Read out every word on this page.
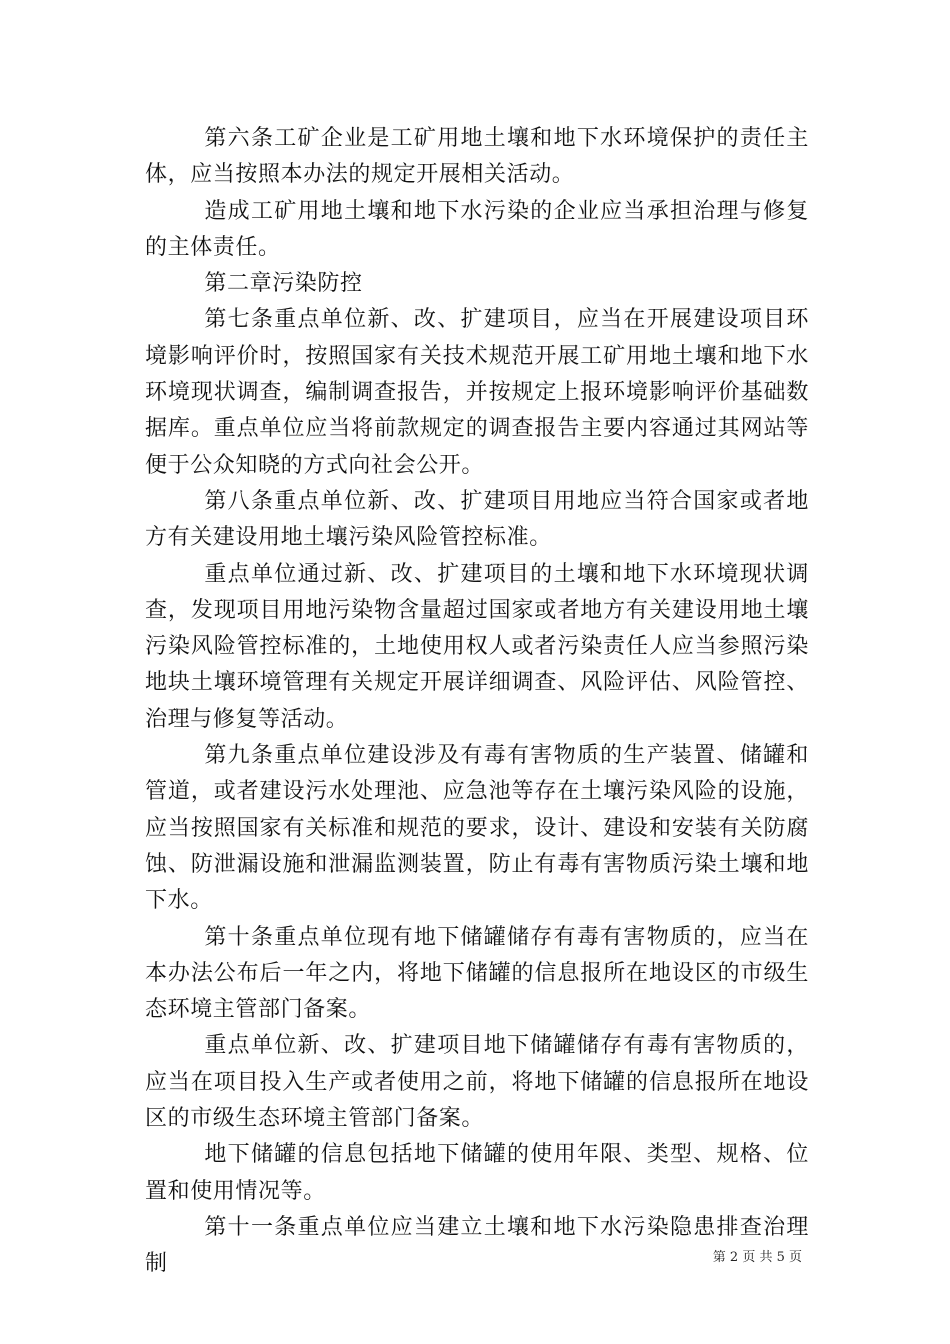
第六条工矿企业是工矿用地土壤和地下水环境保护的责任主体，应当按照本办法的规定开展相关活动。

造成工矿用地土壤和地下水污染的企业应当承担治理与修复的主体责任。

第二章污染防控

第七条重点单位新、改、扩建项目，应当在开展建设项目环境影响评价时，按照国家有关技术规范开展工矿用地土壤和地下水环境现状调查，编制调查报告，并按规定上报环境影响评价基础数据库。重点单位应当将前款规定的调查报告主要内容通过其网站等便于公众知晓的方式向社会公开。

第八条重点单位新、改、扩建项目用地应当符合国家或者地方有关建设用地土壤污染风险管控标准。

重点单位通过新、改、扩建项目的土壤和地下水环境现状调查，发现项目用地污染物含量超过国家或者地方有关建设用地土壤污染风险管控标准的，土地使用权人或者污染责任人应当参照污染地块土壤环境管理有关规定开展详细调查、风险评估、风险管控、治理与修复等活动。

第九条重点单位建设涉及有毒有害物质的生产装置、储罐和管道，或者建设污水处理池、应急池等存在土壤污染风险的设施，应当按照国家有关标准和规范的要求，设计、建设和安装有关防腐蚀、防泄漏设施和泄漏监测装置，防止有毒有害物质污染土壤和地下水。

第十条重点单位现有地下储罐储存有毒有害物质的，应当在本办法公布后一年之内，将地下储罐的信息报所在地设区的市级生态环境主管部门备案。

重点单位新、改、扩建项目地下储罐储存有毒有害物质的，应当在项目投入生产或者使用之前，将地下储罐的信息报所在地设区的市级生态环境主管部门备案。

地下储罐的信息包括地下储罐的使用年限、类型、规格、位置和使用情况等。

第十一条重点单位应当建立土壤和地下水污染隐患排查治理制	第 2 页 共 5 页
